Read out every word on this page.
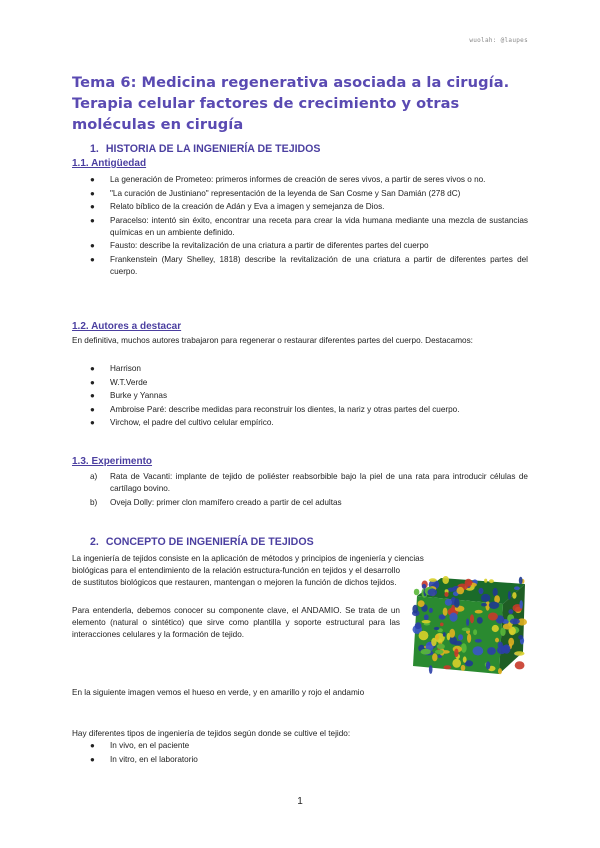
wuolah: @laupes
Tema 6: Medicina regenerativa asociada a la cirugía. Terapia celular factores de crecimiento y otras moléculas en cirugía
1. HISTORIA DE LA INGENIERÍA DE TEJIDOS
1.1. Antigüedad
● La generación de Prometeo: primeros informes de creación de seres vivos, a partir de seres vivos o no.
● "La curación de Justiniano" representación de la leyenda de San Cosme y San Damián (278 dC)
● Relato bíblico de la creación de Adán y Eva a imagen y semejanza de Dios.
● Paracelso: intentó sin éxito, encontrar una receta para crear la vida humana mediante una mezcla de sustancias químicas en un ambiente definido.
● Fausto: describe la revitalización de una criatura a partir de diferentes partes del cuerpo
● Frankenstein (Mary Shelley, 1818) describe la revitalización de una criatura a partir de diferentes partes del cuerpo.
1.2. Autores a destacar

En definitiva, muchos autores trabajaron para regenerar o restaurar diferentes partes del cuerpo. Destacamos:

● Harrison
● W.T.Verde
● Burke y Yannas
● Ambroise Paré: describe medidas para reconstruir los dientes, la nariz y otras partes del cuerpo.
● Virchow, el padre del cultivo celular empírico.
1.3. Experimento
a) Rata de Vacanti: implante de tejido de poliéster reabsorbible bajo la piel de una rata para introducir células de cartílago bovino.
b) Oveja Dolly: primer clon mamífero creado a partir de cel adultas
2. CONCEPTO DE INGENIERÍA DE TEJIDOS

La ingeniería de tejidos consiste en la aplicación de métodos y principios de ingeniería y ciencias

biológicas para el entendimiento de la relación estructura-función en tejidos y el desarrollo de sustitutos biológicos que restauren, mantengan o mejoren la función de dichos tejidos.

Para entenderla, debemos conocer su componente clave, el ANDAMIO. Se trata de un elemento (natural o sintético) que sirve como plantilla y soporte estructural para las interacciones celulares y la formación de tejido.

En la siguiente imagen vemos el hueso en verde, y en amarillo y rojo el andamio

Hay diferentes tipos de ingeniería de tejidos según donde se cultive el tejido:

● In vivo, en el paciente
● In vitro, en el laboratorio
1
